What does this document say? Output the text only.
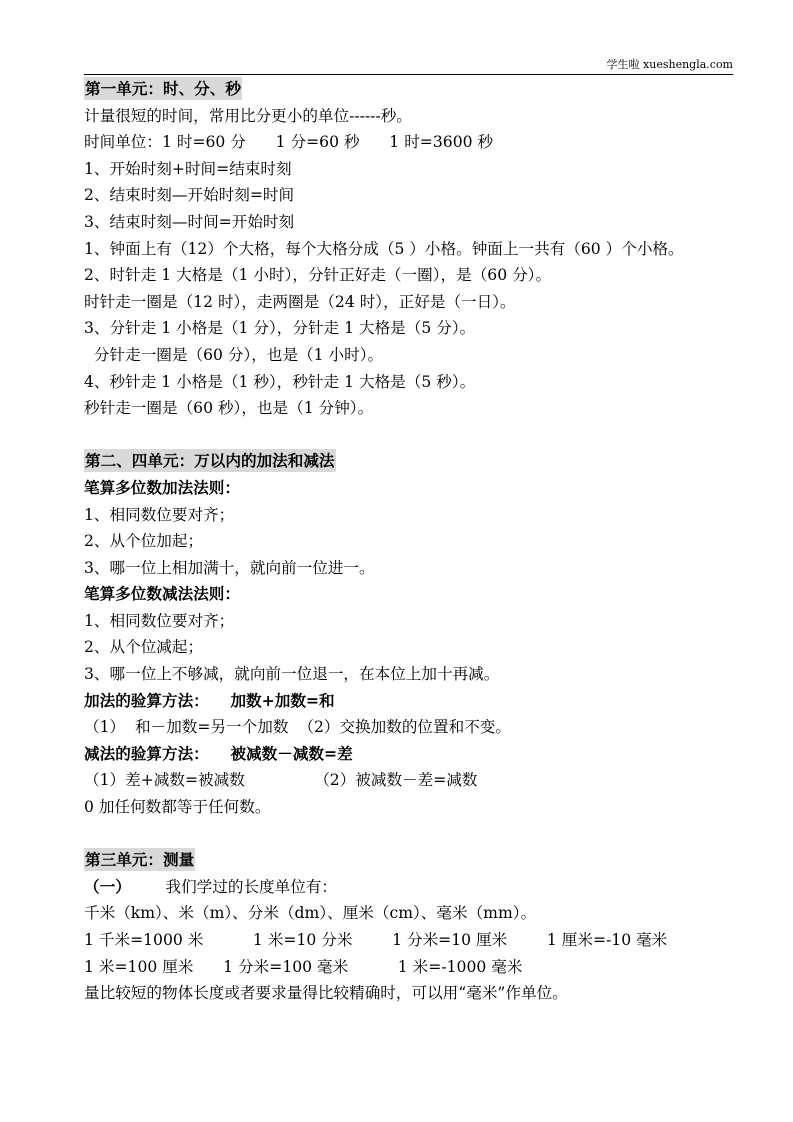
学生啦 xueshengla.com
第一单元：时、分、秒
计量很短的时间，常用比分更小的单位------秒。
时间单位：1 时=60 分      1 分=60 秒      1 时=3600 秒
1、开始时刻+时间=结束时刻
2、结束时刻—开始时刻=时间
3、结束时刻—时间=开始时刻
1、钟面上有（12）个大格，每个大格分成（5 ）小格。钟面上一共有（60 ）个小格。
2、时针走 1 大格是（1 小时），分针正好走（一圈），是（60 分）。
时针走一圈是（12 时），走两圈是（24 时），正好是（一日）。
3、分针走 1 小格是（1 分），分针走 1 大格是（5 分）。
分针走一圈是（60 分），也是（1 小时）。
4、秒针走 1 小格是（1 秒），秒针走 1 大格是（5 秒）。
秒针走一圈是（60 秒），也是（1 分钟）。
第二、四单元：万以内的加法和减法
笔算多位数加法法则：
1、相同数位要对齐；
2、从个位加起；
3、哪一位上相加满十，就向前一位进一。
笔算多位数减法法则：
1、相同数位要对齐；
2、从个位减起；
3、哪一位上不够减，就向前一位退一，在本位上加十再减。
加法的验算方法：    加数+加数=和
（1）  和－加数=另一个加数  （2）交换加数的位置和不变。
减法的验算方法：    被减数－减数=差
（1）差+减数=被减数              （2）被减数－差=减数
0 加任何数都等于任何数。
第三单元：测量
（一）       我们学过的长度单位有：
千米（km）、米（m）、分米（dm）、厘米（cm）、毫米（mm）。
1 千米=1000 米          1 米=10 分米        1 分米=10 厘米        1 厘米=-10 毫米
1 米=100 厘米      1 分米=100 毫米          1 米=-1000 毫米
量比较短的物体长度或者要求量得比较精确时，可以用“毫米”作单位。
